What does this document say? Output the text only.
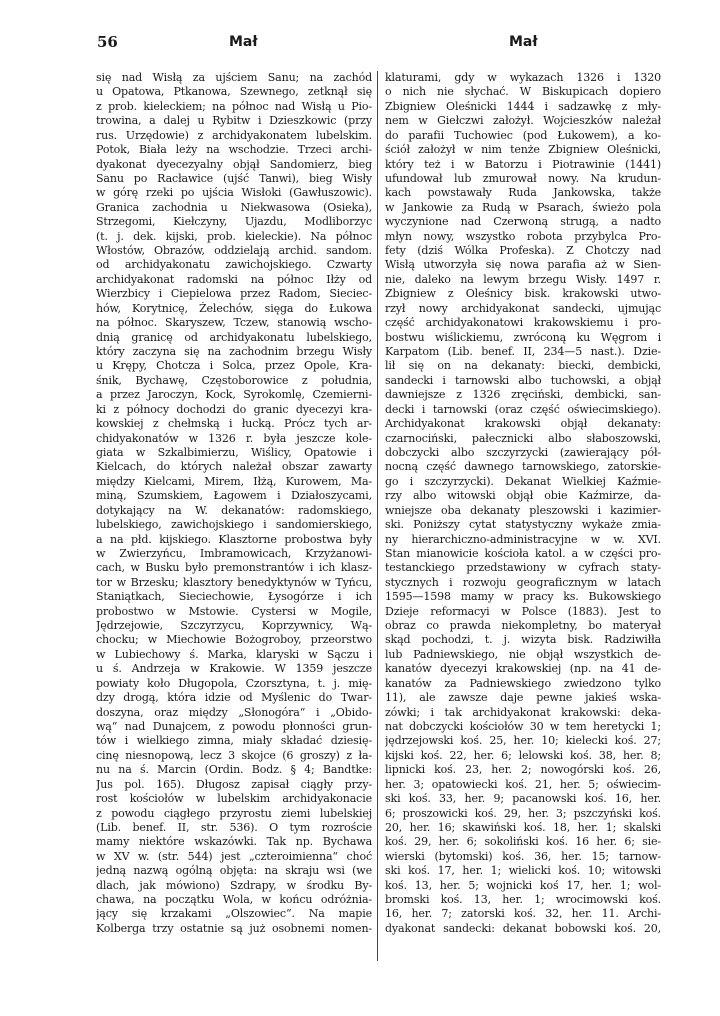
56	Mał	Mał
się nad Wisłą za ujściem Sanu; na zachód
u Opatowa, Ptkanowa, Szewnego, zetknął się
z prob. kieleckiem; na północ nad Wisłą u Pio-
trowina, a dalej u Rybitw i Dzieszkowic (przy
rus. Urzędowie) z archidyakonatem lubelskim.
Potok, Biała leży na wschodzie. Trzeci archi-
dyakonat dyecezyalny objął Sandomierz, bieg
Sanu po Racławice (ujść Tanwi), bieg Wisły
w górę rzeki po ujścia Wisłoki (Gawłuszowic).
Granica zachodnia u Niekwasowa (Osieka),
Strzegomi, Kiełczyny, Ujazdu, Modliborzyc
(t. j. dek. kijski, prob. kieleckie). Na północ
Włostów, Obrazów, oddzielają archid. sandom.
od archidyakonatu zawichojskiego. Czwarty
archidyakonat radomski na północ Iłży od
Wierzbicy i Ciepielowa przez Radom, Sieciec-
hów, Korytnicę, Żelechów, sięga do Łukowa
na północ. Skaryszew, Tczew, stanowią wscho-
dnią granicę od archidyakonatu lubelskiego,
który zaczyna się na zachodnim brzegu Wisły
u Krępy, Chotcza i Solca, przez Opole, Kra-
śnik, Bychawę, Częstoborowice z południa,
a przez Jaroczyn, Kock, Syrokomlę, Czemierni-
ki z północy dochodzi do granic dyecezyi kra-
kowskiej z chełmską i łucką. Prócz tych ar-
chidyakonatów w 1326 r. była jeszcze kole-
giata w Szkalbimierzu, Wiślicy, Opatowie i
Kielcach, do których należał obszar zawarty
między Kielcami, Mirem, Iłżą, Kurowem, Ma-
miną, Szumskiem, Łagowem i Działoszycami,
dotykający na W. dekanatów: radomskiego,
lubelskiego, zawichojskiego i sandomierskiego,
a na płd. kijskiego. Klasztorne probostwa były
w Zwierzyńcu, Imbramowicach, Krzyżanowi-
cach, w Busku było premonstrantów i ich klasz-
tor w Brzesku; klasztory benedyktynów w Tyńcu,
Staniątkach, Sieciechowie, Łysogórze i ich
probostwo w Mstowie. Cystersi w Mogile,
Jędrzejowie, Szczyrzycu, Koprzywnicy, Wą-
chocku; w Miechowie Bożogroboy, przeorstwo
w Lubiechowy ś. Marka, klaryski w Sączu i
u ś. Andrzeja w Krakowie. W 1359 jeszcze
powiaty koło Długopola, Czorsztyna, t. j. mię-
dzy drogą, która idzie od Myślenic do Twar-
doszyna, oraz między „Słonogóra“ i „Obido-
wą“ nad Dunajcem, z powodu płonności grun-
tów i wielkiego zimna, miały składać dziesię-
cinę niesnopową, lecz 3 skojce (6 groszy) z ła-
nu na ś. Marcin (Ordin. Bodz. § 4; Bandtke:
Jus pol. 165). Długosz zapisał ciągły przy-
rost kościołów w lubelskim archidyakonacie
z powodu ciągłego przyrostu ziemi lubelskiej
(Lib. benef. II, str. 536). O tym rozroście
mamy niektóre wskazówki. Tak np. Bychawa
w XV w. (str. 544) jest „czteroimienna“ choć
jedną nazwą ogólną objęta: na skraju wsi (we
dlach, jak mówiono) Szdrapy, w środku By-
chawa, na początku Wola, w końcu odróżnia-
jący się krzakami „Olszowiec“. Na mapie
Kolberga trzy ostatnie są już osobnemi nomen-
klaturami, gdy w wykazach 1326 i 1320
o nich nie słychać. W Biskupicach dopiero
Zbigniew Oleśnicki 1444 i sadzawkę z mły-
nem w Giełczwi założył. Wojcieszków należał
do parafii Tuchowiec (pod Łukowem), a ko-
ściół założył w nim tenże Zbigniew Oleśnicki,
który też i w Batorzu i Piotrawinie (1441)
ufundował lub zmurował nowy. Na krudun-
kach powstawały Ruda Jankowska, także
w Jankowie za Rudą w Psarach, świeżo pola
wyczynione nad Czerwoną strugą, a nadto
młyn nowy, wszystko robota przybylca Pro-
fety (dziś Wólka Profeska). Z Chotczy nad
Wisłą utworzyła się nowa parafia aż w Sien-
nie, daleko na lewym brzegu Wisły. 1497 r.
Zbigniew z Oleśnicy bisk. krakowski utwo-
rzył nowy archidyakonat sandecki, ujmując
część archidyakonatowi krakowskiemu i pro-
bostwu wiślickiemu, zwróconą ku Węgrom i
Karpatom (Lib. benef. II, 234—5 nast.). Dzie-
lił się on na dekanaty: biecki, dembicki,
sandecki i tarnowski albo tuchowski, a objął
dawniejsze z 1326 zręciński, dembicki, san-
decki i tarnowski (oraz część oświecimskiego).
Archidyakonat krakowski objął dekanaty:
czarnociński, pałecznicki albo słaboszowski,
dobczycki albo szczyrzycki (zawierający pół-
nocną część dawnego tarnowskiego, zatorskie-
go i szczyrzycki). Dekanat Wielkiej Kaźmie-
rzy albo witowski objął obie Kaźmirze, da-
wniejsze oba dekanaty pleszowski i kazimier-
ski. Poniższy cytat statystyczny wykaże zmia-
ny hierarchiczno-administracyjne w w. XVI.
Stan mianowicie kościoła katol. a w części pro-
testanckiego przedstawiony w cyfrach staty-
stycznych i rozwoju geograficznym w latach
1595—1598 mamy w pracy ks. Bukowskiego
Dzieje reformacyi w Polsce (1883). Jest to
obraz co prawda niekompletny, bo materyał
skąd pochodzi, t. j. wizyta bisk. Radziwiłła
lub Padniewskiego, nie objął wszystkich de-
kanatów dyecezyi krakowskiej (np. na 41 de-
kanatów za Padniewskiego zwiedzono tylko
11), ale zawsze daje pewne jakieś wska-
zówki; i tak archidyakonat krakowski: deka-
nat dobczycki kościołów 30 w tem heretycki 1;
jędrzejowski koś. 25, her. 10; kielecki koś. 27;
kijski koś. 22, her. 6; lelowski koś. 38, her. 8;
lipnicki koś. 23, her. 2; nowogórski koś. 26,
her. 3; opatowiecki koś. 21, her. 5; oświecim-
ski koś. 33, her. 9; pacanowski koś. 16, her.
6; proszowicki koś. 29, her. 3; pszczyński koś.
20, her. 16; skawiński koś. 18, her. 1; skalski
koś. 29, her. 6; sokoliński koś. 16 her. 6; sie-
wierski (bytomski) koś. 36, her. 15; tarnow-
ski koś. 17, her. 1; wielicki koś. 10; witowski
koś. 13, her. 5; wojnicki koś 17, her. 1; wol-
bromski koś. 13, her. 1; wrocimowski koś.
16, her. 7; zatorski koś. 32, her. 11. Archi-
dyakonat sandecki: dekanat bobowski koś. 20,
